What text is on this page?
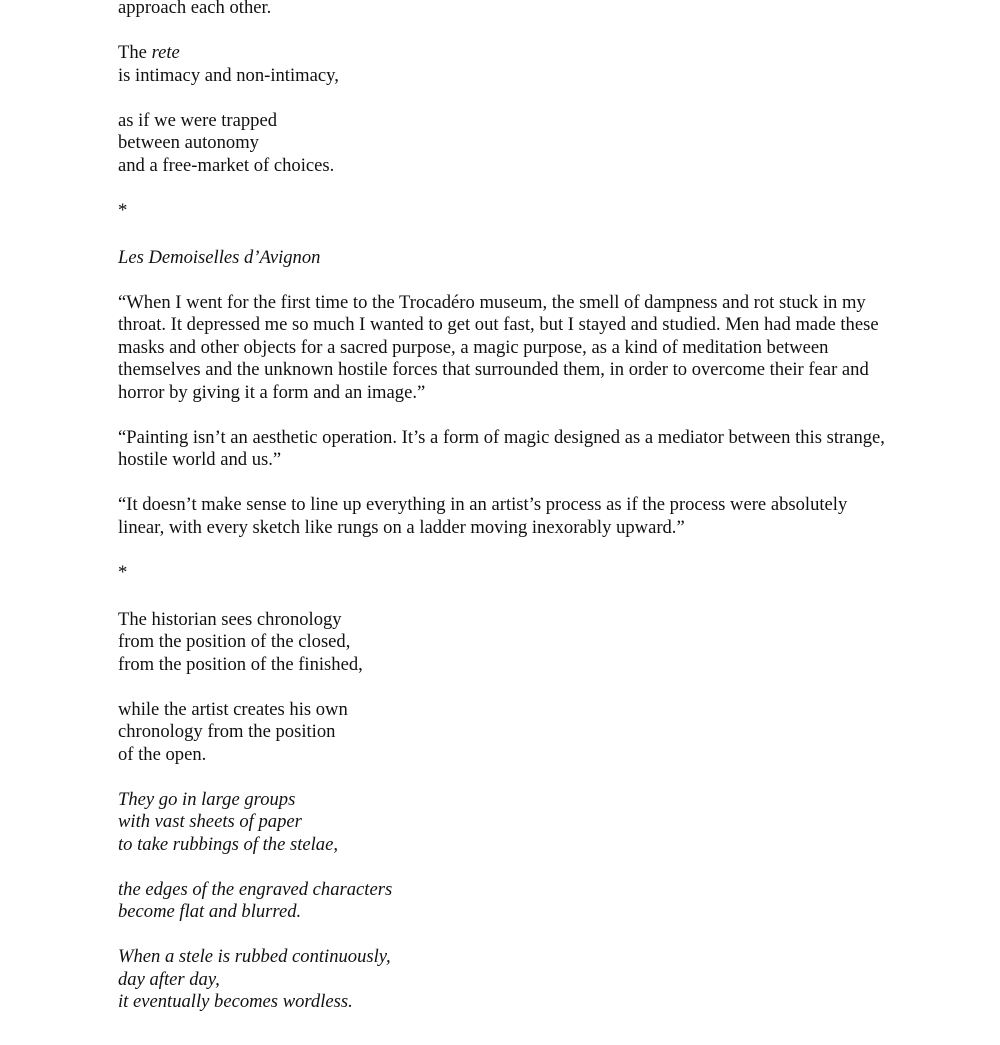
approach each other.
The rete
is intimacy and non-intimacy,
as if we were trapped
between autonomy
and a free-market of choices.
*
Les Demoiselles d’Avignon
“When I went for the first time to the Trocadéro museum, the smell of dampness and rot stuck in my throat. It depressed me so much I wanted to get out fast, but I stayed and studied. Men had made these masks and other objects for a sacred purpose, a magic purpose, as a kind of meditation between themselves and the unknown hostile forces that surrounded them, in order to overcome their fear and horror by giving it a form and an image.”
“Painting isn’t an aesthetic operation. It’s a form of magic designed as a mediator between this strange, hostile world and us.”
“It doesn’t make sense to line up everything in an artist’s process as if the process were absolutely linear, with every sketch like rungs on a ladder moving inexorably upward.”
*
The historian sees chronology
from the position of the closed,
from the position of the finished,
while the artist creates his own
chronology from the position
of the open.
They go in large groups
with vast sheets of paper
to take rubbings of the stelae,
the edges of the engraved characters
become flat and blurred.
When a stele is rubbed continuously,
day after day,
it eventually becomes wordless.
